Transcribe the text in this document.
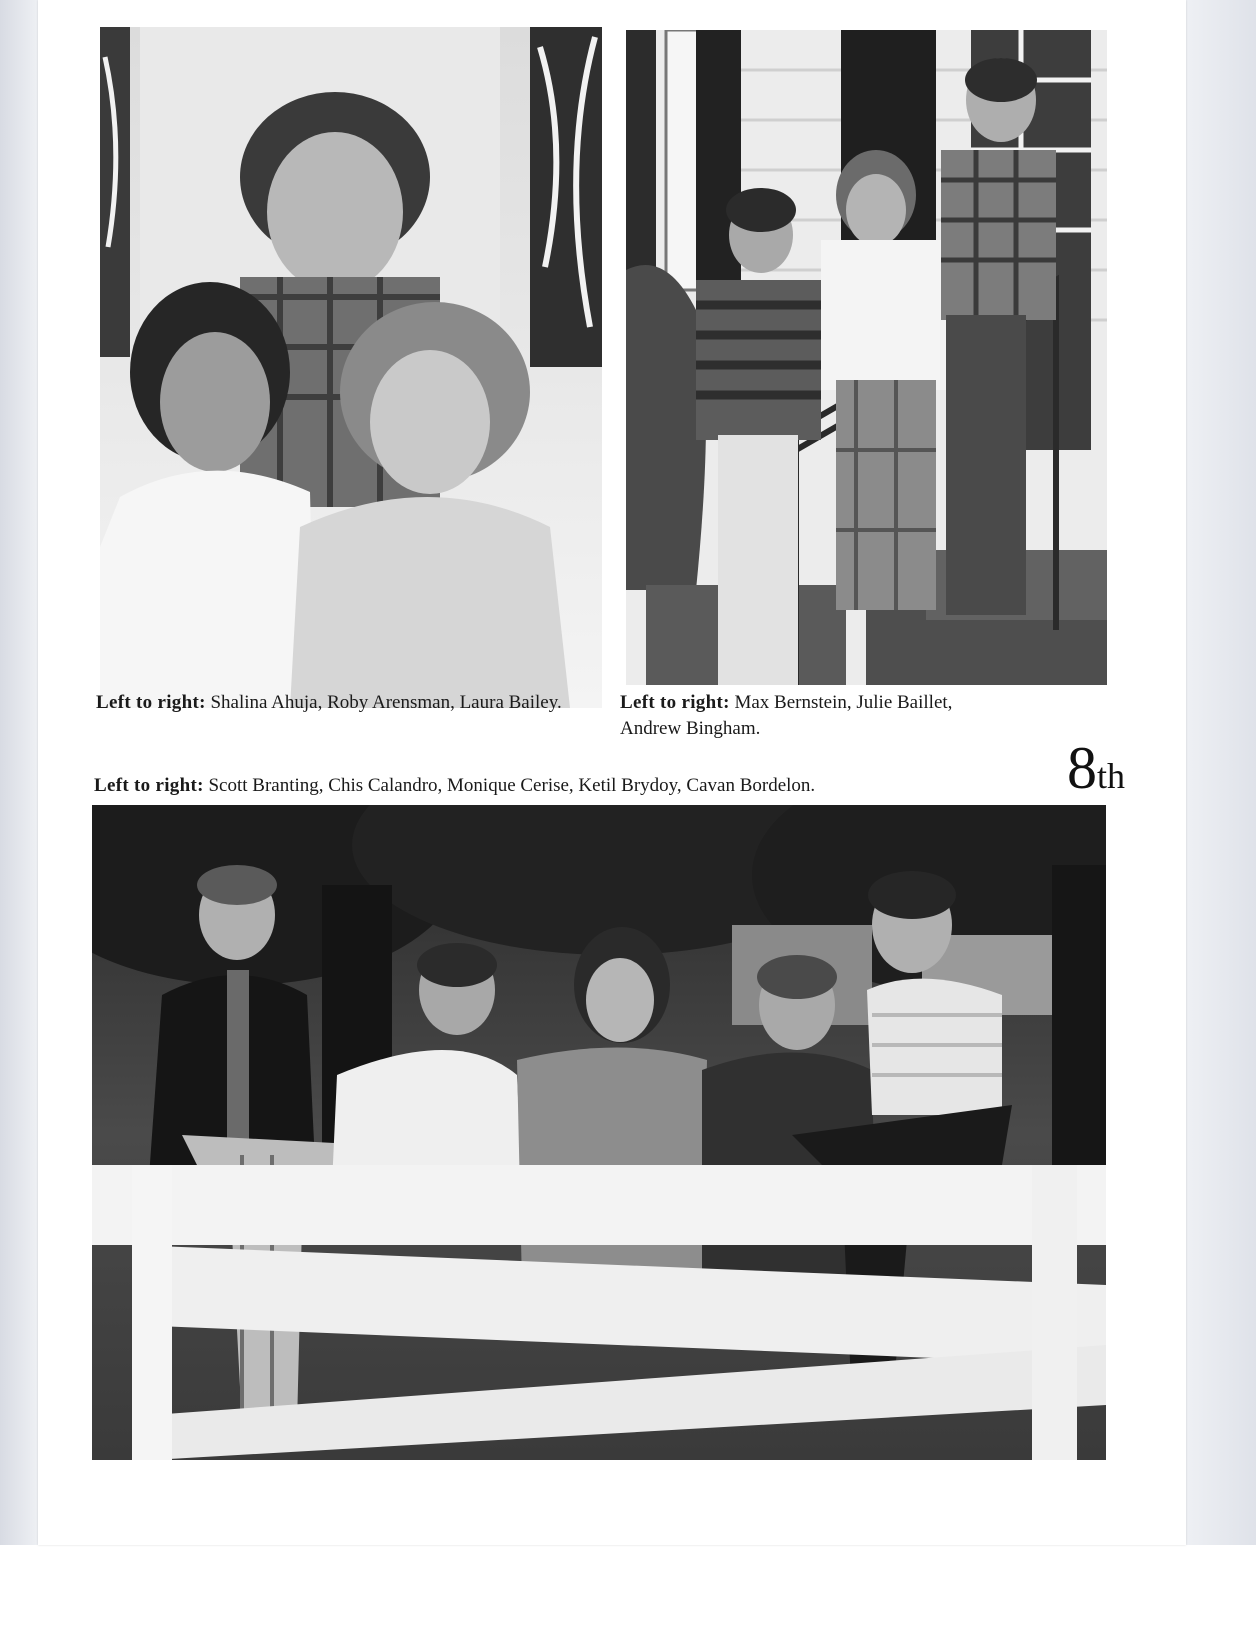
Left to right: Shalina Ahuja, Roby Arensman, Laura Bailey.	Left to right: Max Bernstein, Julie Baillet,
Andrew Bingham.
8th
Left to right: Scott Branting, Chis Calandro, Monique Cerise, Ketil Brydoy, Cavan Bordelon.
